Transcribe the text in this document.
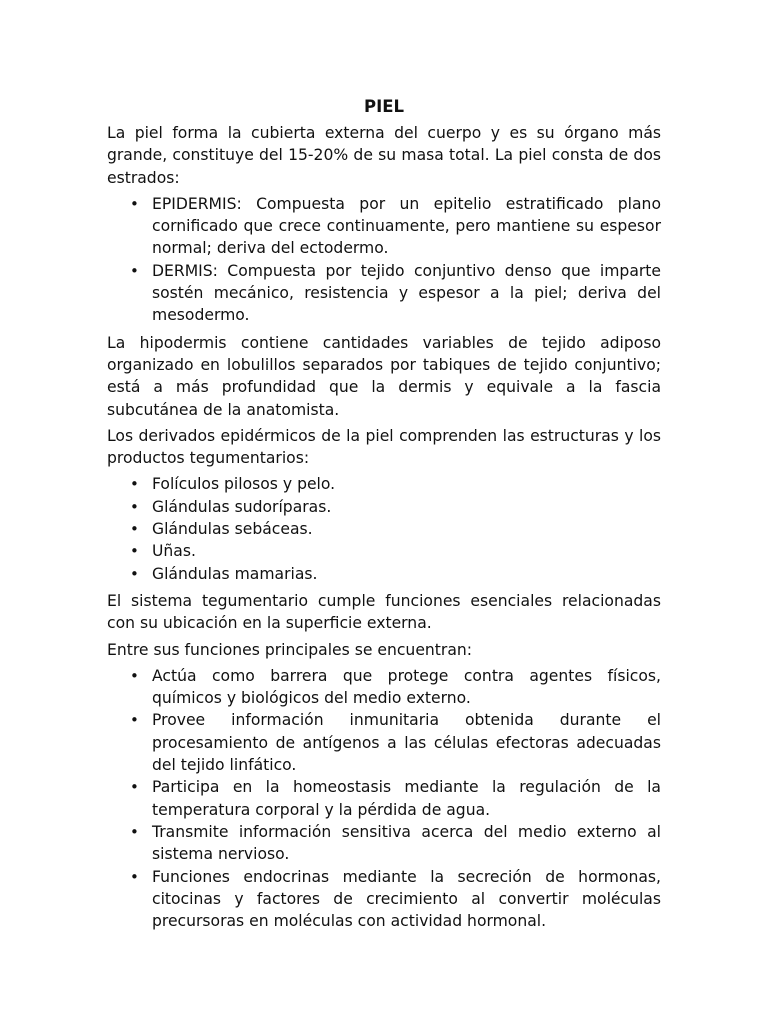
PIEL

La piel forma la cubierta externa del cuerpo y es su órgano más grande, constituye del 15-20% de su masa total. La piel consta de dos estrados:

• EPIDERMIS: Compuesta por un epitelio estratificado plano cornificado que crece continuamente, pero mantiene su espesor normal; deriva del ectodermo.
• DERMIS: Compuesta por tejido conjuntivo denso que imparte sostén mecánico, resistencia y espesor a la piel; deriva del mesodermo.

La hipodermis contiene cantidades variables de tejido adiposo organizado en lobulillos separados por tabiques de tejido conjuntivo; está a más profundidad que la dermis y equivale a la fascia subcutánea de la anatomista.

Los derivados epidérmicos de la piel comprenden las estructuras y los productos tegumentarios:

• Folículos pilosos y pelo.
• Glándulas sudoríparas.
• Glándulas sebáceas.
• Uñas.
• Glándulas mamarias.

El sistema tegumentario cumple funciones esenciales relacionadas con su ubicación en la superficie externa.

Entre sus funciones principales se encuentran:

• Actúa como barrera que protege contra agentes físicos, químicos y biológicos del medio externo.
• Provee información inmunitaria obtenida durante el procesamiento de antígenos a las células efectoras adecuadas del tejido linfático.
• Participa en la homeostasis mediante la regulación de la temperatura corporal y la pérdida de agua.
• Transmite información sensitiva acerca del medio externo al sistema nervioso.
• Funciones endocrinas mediante la secreción de hormonas, citocinas y factores de crecimiento al convertir moléculas precursoras en moléculas con actividad hormonal.
